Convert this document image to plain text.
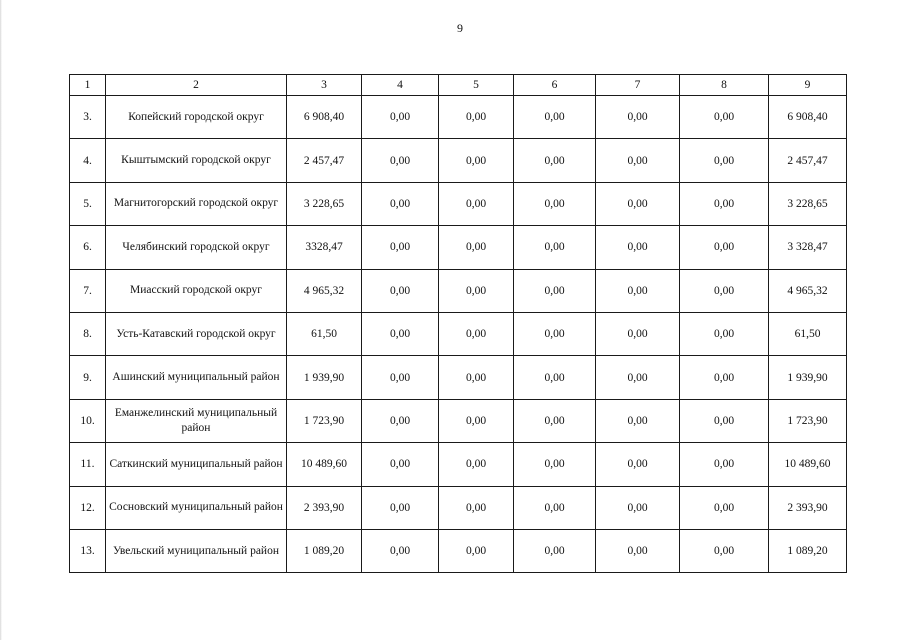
9
1	2	3	4	5	6	7	8	9
3.	Копейский городской округ	6 908,40	0,00	0,00	0,00	0,00	0,00	6 908,40
4.	Кыштымский городской округ	2 457,47	0,00	0,00	0,00	0,00	0,00	2 457,47
5.	Магнитогорский городской округ	3 228,65	0,00	0,00	0,00	0,00	0,00	3 228,65
6.	Челябинский городской округ	3328,47	0,00	0,00	0,00	0,00	0,00	3 328,47
7.	Миасский городской округ	4 965,32	0,00	0,00	0,00	0,00	0,00	4 965,32
8.	Усть-Катавский городской округ	61,50	0,00	0,00	0,00	0,00	0,00	61,50
9.	Ашинский муниципальный район	1 939,90	0,00	0,00	0,00	0,00	0,00	1 939,90
10.	Еманжелинский муниципальный район	1 723,90	0,00	0,00	0,00	0,00	0,00	1 723,90
11.	Саткинский муниципальный район	10 489,60	0,00	0,00	0,00	0,00	0,00	10 489,60
12.	Сосновский муниципальный район	2 393,90	0,00	0,00	0,00	0,00	0,00	2 393,90
13.	Увельский муниципальный район	1 089,20	0,00	0,00	0,00	0,00	0,00	1 089,20
